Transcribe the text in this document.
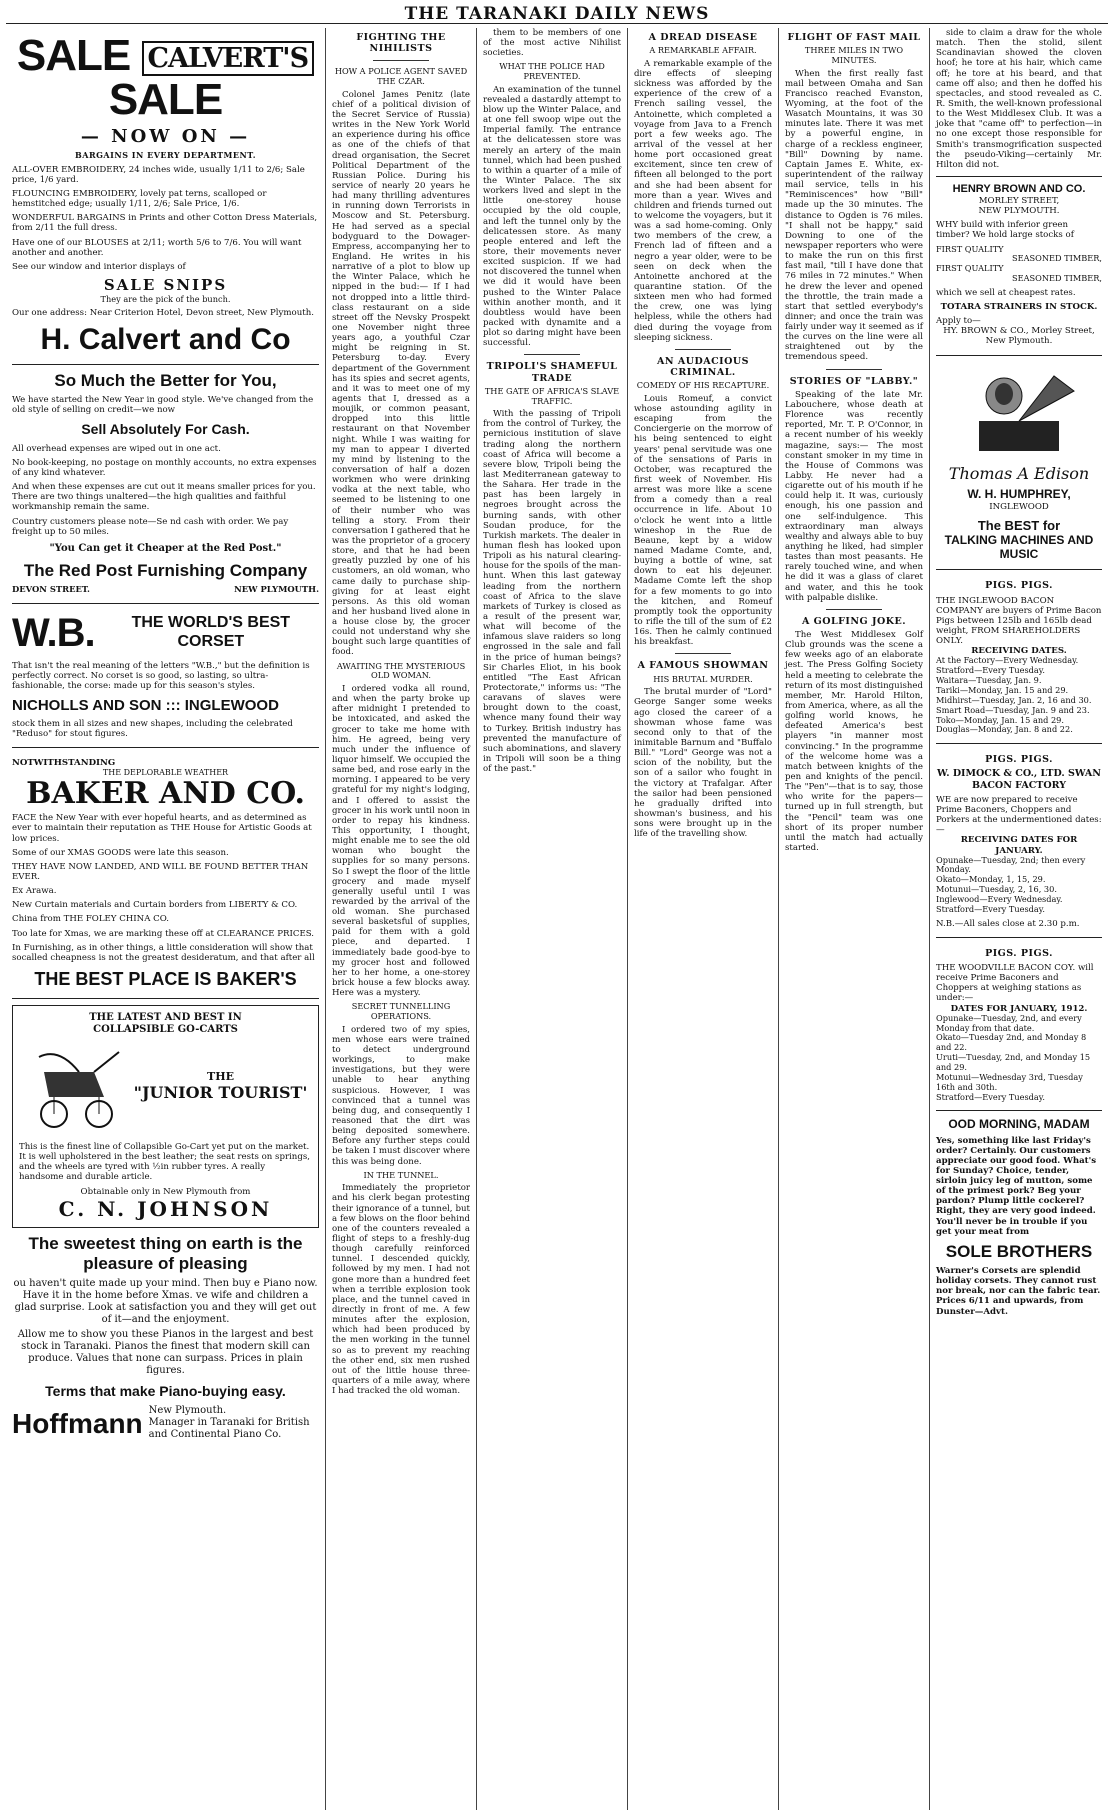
THE TARANAKI DAILY NEWS
SALE CALVERT'S SALE
— NOW ON —
BARGAINS IN EVERY DEPARTMENT.
ALL-OVER EMBROIDERY, 24 inches wide, usually 1/11 to 2/6; Sale price, 1/6 yard.
FLOUNCING EMBROIDERY, lovely pat terns, scalloped or hemstitched edge; usually 1/11, 2/6; Sale Price, 1/6.
WONDERFUL BARGAINS in Prints and other Cotton Dress Materials, from 2/11 the full dress.
Have one of our BLOUSES at 2/11; worth 5/6 to 7/6. You will want another and another.
See our window and interior displays of
SALE SNIPS
They are the pick of the bunch.
Our one address: Near Criterion Hotel, Devon street, New Plymouth.
H. Calvert and Co
So Much the Better for You,
We have started the New Year in good style. We've changed from the old style of selling on credit—we now
Sell Absolutely For Cash.
All overhead expenses are wiped out in one act.
No book-keeping, no postage on monthly accounts, no extra expenses of any kind whatever.
And when these expenses are cut out it means smaller prices for you. There are two things unaltered—the high qualities and faithful workmanship remain the same.
Country customers please note—Se nd cash with order. We pay freight up to 50 miles.
"You Can get it Cheaper at the Red Post."
The Red Post Furnishing Company
DEVON STREET.	NEW PLYMOUTH.
W.B.	THE WORLD'S BEST CORSET
That isn't the real meaning of the letters "W.B.," but the definition is perfectly correct. No corset is so good, so lasting, so ultra-fashionable, the corse: made up for this season's styles.
NICHOLLS AND SON ::: INGLEWOOD
stock them in all sizes and new shapes, including the celebrated "Reduso" for stout figures.
NOTWITHSTANDING
THE DEPLORABLE WEATHER
BAKER AND CO.
FACE the New Year with ever hopeful hearts, and as determined as ever to maintain their reputation as THE House for Artistic Goods at low prices.
Some of our XMAS GOODS were late this season.
THEY HAVE NOW LANDED, AND WILL BE FOUND BETTER THAN EVER.
Ex Arawa.
New Curtain materials and Curtain borders from LIBERTY & CO.
China from THE FOLEY CHINA CO.
Too late for Xmas, we are marking these off at CLEARANCE PRICES.
In Furnishing, as in other things, a little consideration will show that socalled cheapness is not the greatest desideratum, and that after all
THE BEST PLACE IS BAKER'S
THE LATEST AND BEST IN
COLLAPSIBLE GO-CARTS
THE
"JUNIOR TOURIST'
This is the finest line of Collapsible Go-Cart yet put on the market. It is well upholstered in the best leather; the seat rests on springs, and the wheels are tyred with ½in rubber tyres. A really handsome and durable article.
Obtainable only in New Plymouth from
C. N. JOHNSON
The sweetest thing on earth is the
pleasure of pleasing
ou haven't quite made up your mind. Then buy e Piano now. Have it in the home before Xmas. ve wife and children a glad surprise. Look at satisfaction you and they will get out of it—and the enjoyment.
Allow me to show you these Pianos in the largest and best stock in Taranaki. Pianos the finest that modern skill can produce. Values that none can surpass. Prices in plain figures.
Terms that make Piano-buying easy.
Hoffmann New Plymouth.
Manager in Taranaki for British and Continental Piano Co.
FIGHTING THE NIHILISTS
HOW A POLICE AGENT SAVED THE CZAR.
Colonel James Penitz (late chief of a political division of the Secret Service of Russia) writes in the New York World an experience during his office as one of the chiefs of that dread organisation, the Secret Political Department of the Russian Police. During his service of nearly 20 years he had many thrilling adventures in running down Terrorists in Moscow and St. Petersburg. He had served as a special bodyguard to the Dowager-Empress, accompanying her to England. He writes in his narrative of a plot to blow up the Winter Palace, which he nipped in the bud:— If I had not dropped into a little third-class restaurant on a side street off the Nevsky Prospekt one November night three years ago, a youthful Czar might be reigning in St. Petersburg to-day. Every department of the Government has its spies and secret agents, and it was to meet one of my agents that I, dressed as a moujik, or common peasant, dropped into this little restaurant on that November night. While I was waiting for my man to appear I diverted my mind by listening to the conversation of half a dozen workmen who were drinking vodka at the next table, who seemed to be listening to one of their number who was telling a story. From their conversation I gathered that he was the proprietor of a grocery store, and that he had been greatly puzzled by one of his customers, an old woman, who came daily to purchase ship-giving for at least eight persons. As this old woman and her husband lived alone in a house close by, the grocer could not understand why she bought such large quantities of food.
AWAITING THE MYSTERIOUS OLD WOMAN.
I ordered vodka all round, and when the party broke up after midnight I pretended to be intoxicated, and asked the grocer to take me home with him. He agreed, being very much under the influence of liquor himself. We occupied the same bed, and rose early in the morning. I appeared to be very grateful for my night's lodging, and I offered to assist the grocer in his work until noon in order to repay his kindness. This opportunity, I thought, might enable me to see the old woman who bought the supplies for so many persons. So I swept the floor of the little grocery and made myself generally useful until I was rewarded by the arrival of the old woman. She purchased several basketsful of supplies, paid for them with a gold piece, and departed. I immediately bade good-bye to my grocer host and followed her to her home, a one-storey brick house a few blocks away. Here was a mystery.
SECRET TUNNELLING OPERATIONS.
I ordered two of my spies, men whose ears were trained to detect underground workings, to make investigations, but they were unable to hear anything suspicious. However, I was convinced that a tunnel was being dug, and consequently I reasoned that the dirt was being deposited somewhere. Before any further steps could be taken I must discover where this was being done.
IN THE TUNNEL.
Immediately the proprietor and his clerk began protesting their ignorance of a tunnel, but a few blows on the floor behind one of the counters revealed a flight of steps to a freshly-dug though carefully reinforced tunnel. I descended quickly, followed by my men. I had not gone more than a hundred feet when a terrible explosion took place, and the tunnel caved in directly in front of me. A few minutes after the explosion, which had been produced by the men working in the tunnel so as to prevent my reaching the other end, six men rushed out of the little house three-quarters of a mile away, where I had tracked the old woman.
them to be members of one of the most active Nihilist societies.
WHAT THE POLICE HAD PREVENTED.
An examination of the tunnel revealed a dastardly attempt to blow up the Winter Palace, and at one fell swoop wipe out the Imperial family. The entrance at the delicatessen store was merely an artery of the main tunnel, which had been pushed to within a quarter of a mile of the Winter Palace. The six workers lived and slept in the little one-storey house occupied by the old couple, and left the tunnel only by the delicatessen store. As many people entered and left the store, their movements never excited suspicion. If we had not discovered the tunnel when we did it would have been pushed to the Winter Palace within another month, and it doubtless would have been packed with dynamite and a plot so daring might have been successful.
TRIPOLI'S SHAMEFUL TRADE
THE GATE OF AFRICA'S SLAVE TRAFFIC.
With the passing of Tripoli from the control of Turkey, the pernicious institution of slave trading along the northern coast of Africa will become a severe blow, Tripoli being the last Mediterranean gateway to the Sahara. Her trade in the past has been largely in negroes brought across the burning sands, with other Soudan produce, for the Turkish markets. The dealer in human flesh has looked upon Tripoli as his natural clearing-house for the spoils of the man-hunt. When this last gateway leading from the northern coast of Africa to the slave markets of Turkey is closed as a result of the present war, what will become of the infamous slave raiders so long engrossed in the sale and fall in the price of human beings? Sir Charles Eliot, in his book entitled "The East African Protectorate," informs us: "The caravans of slaves were brought down to the coast, whence many found their way to Turkey. British industry has prevented the manufacture of such abominations, and slavery in Tripoli will soon be a thing of the past."
A DREAD DISEASE
A REMARKABLE AFFAIR.
A remarkable example of the dire effects of sleeping sickness was afforded by the experience of the crew of a French sailing vessel, the Antoinette, which completed a voyage from Java to a French port a few weeks ago. The arrival of the vessel at her home port occasioned great excitement, since ten crew of fifteen all belonged to the port and she had been absent for more than a year. Wives and children and friends turned out to welcome the voyagers, but it was a sad home-coming. Only two members of the crew, a French lad of fifteen and a negro a year older, were to be seen on deck when the Antoinette anchored at the quarantine station. Of the sixteen men who had formed the crew, one was lying helpless, while the others had died during the voyage from sleeping sickness.
AN AUDACIOUS CRIMINAL.
COMEDY OF HIS RECAPTURE.
Louis Romeuf, a convict whose astounding agility in escaping from the Conciergerie on the morrow of his being sentenced to eight years' penal servitude was one of the sensations of Paris in October, was recaptured the first week of November. His arrest was more like a scene from a comedy than a real occurrence in life. About 10 o'clock he went into a little wineshop in the Rue de Beaune, kept by a widow named Madame Comte, and, buying a bottle of wine, sat down to eat his dejeuner. Madame Comte left the shop for a few moments to go into the kitchen, and Romeuf promptly took the opportunity to rifle the till of the sum of £2 16s. Then he calmly continued his breakfast.
A FAMOUS SHOWMAN
HIS BRUTAL MURDER.
The brutal murder of "Lord" George Sanger some weeks ago closed the career of a showman whose fame was second only to that of the inimitable Barnum and "Buffalo Bill." "Lord" George was not a scion of the nobility, but the son of a sailor who fought in the victory at Trafalgar. After the sailor had been pensioned he gradually drifted into showman's business, and his sons were brought up in the life of the travelling show.
FLIGHT OF FAST MAIL
THREE MILES IN TWO MINUTES.
When the first really fast mail between Omaha and San Francisco reached Evanston, Wyoming, at the foot of the Wasatch Mountains, it was 30 minutes late. There it was met by a powerful engine, in charge of a reckless engineer, "Bill" Downing by name. Captain James E. White, ex-superintendent of the railway mail service, tells in his "Reminiscences" how "Bill" made up the 30 minutes. The distance to Ogden is 76 miles. "I shall not be happy," said Downing to one of the newspaper reporters who were to make the run on this first fast mail, "till I have done that 76 miles in 72 minutes." When he drew the lever and opened the throttle, the train made a start that settled everybody's dinner; and once the train was fairly under way it seemed as if the curves on the line were all straightened out by the tremendous speed.
STORIES OF "LABBY."
Speaking of the late Mr. Labouchere, whose death at Florence was recently reported, Mr. T. P. O'Connor, in a recent number of his weekly magazine, says:— The most constant smoker in my time in the House of Commons was Labby. He never had a cigarette out of his mouth if he could help it. It was, curiously enough, his one passion and one self-indulgence. This extraordinary man always wealthy and always able to buy anything he liked, had simpler tastes than most peasants. He rarely touched wine, and when he did it was a glass of claret and water, and this he took with palpable dislike.
A GOLFING JOKE.
The West Middlesex Golf Club grounds was the scene a few weeks ago of an elaborate jest. The Press Golfing Society held a meeting to celebrate the return of its most distinguished member, Mr. Harold Hilton, from America, where, as all the golfing world knows, he defeated America's best players "in manner most convincing." In the programme of the welcome home was a match between knights of the pen and knights of the pencil. The "Pen"—that is to say, those who write for the papers—turned up in full strength, but the "Pencil" team was one short of its proper number until the match had actually started.
side to claim a draw for the whole match. Then the stolid, silent Scandinavian showed the cloven hoof; he tore at his hair, which came off; he tore at his beard, and that came off also; and then he doffed his spectacles, and stood revealed as C. R. Smith, the well-known professional to the West Middlesex Club. It was a joke that "came off" to perfection—in no one except those responsible for Smith's transmogrification suspected the pseudo-Viking—certainly Mr. Hilton did not.
HENRY BROWN AND CO.
MORLEY STREET,
NEW PLYMOUTH.
WHY build with inferior green timber? We hold large stocks of
FIRST QUALITY
SEASONED TIMBER,
FIRST QUALITY
SEASONED TIMBER,
which we sell at cheapest rates.
TOTARA STRAINERS IN STOCK.
Apply to—
HY. BROWN & CO., Morley Street, New Plymouth.
Thomas A Edison
W. H. HUMPHREY,
INGLEWOOD
The BEST for
TALKING MACHINES AND MUSIC
PIGS. PIGS.
THE INGLEWOOD BACON COMPANY are buyers of Prime Bacon Pigs between 125lb and 165lb dead weight, FROM SHAREHOLDERS ONLY.
RECEIVING DATES.
At the Factory—Every Wednesday.
Stratford—Every Tuesday.
Waitara—Tuesday, Jan. 9.
Tariki—Monday, Jan. 15 and 29.
Midhirst—Tuesday, Jan. 2, 16 and 30.
Smart Road—Tuesday, Jan. 9 and 23.
Toko—Monday, Jan. 15 and 29.
Douglas—Monday, Jan. 8 and 22.
PIGS. PIGS.
W. DIMOCK & CO., LTD. SWAN BACON FACTORY
WE are now prepared to receive Prime Baconers, Choppers and Porkers at the undermentioned dates:—
RECEIVING DATES FOR JANUARY.
Opunake—Tuesday, 2nd; then every Monday.
Okato—Monday, 1, 15, 29.
Motunui—Tuesday, 2, 16, 30.
Inglewood—Every Wednesday.
Stratford—Every Tuesday.
N.B.—All sales close at 2.30 p.m.
PIGS. PIGS.
THE WOODVILLE BACON COY. will receive Prime Baconers and Choppers at weighing stations as under:—
DATES FOR JANUARY, 1912.
Opunake—Tuesday, 2nd, and every Monday from that date.
Okato—Tuesday 2nd, and Monday 8 and 22.
Uruti—Tuesday, 2nd, and Monday 15 and 29.
Motunui—Wednesday 3rd, Tuesday 16th and 30th.
Stratford—Every Tuesday.
OOD MORNING, MADAM
Yes, something like last Friday's order? Certainly. Our customers appreciate our good food. What's for Sunday? Choice, tender, sirloin juicy leg of mutton, some of the primest pork? Beg your pardon? Plump little cockerel? Right, they are very good indeed. You'll never be in trouble if you get your meat from
SOLE BROTHERS
Warner's Corsets are splendid holiday corsets. They cannot rust nor break, nor can the fabric tear. Prices 6/11 and upwards, from Dunster—Advt.
